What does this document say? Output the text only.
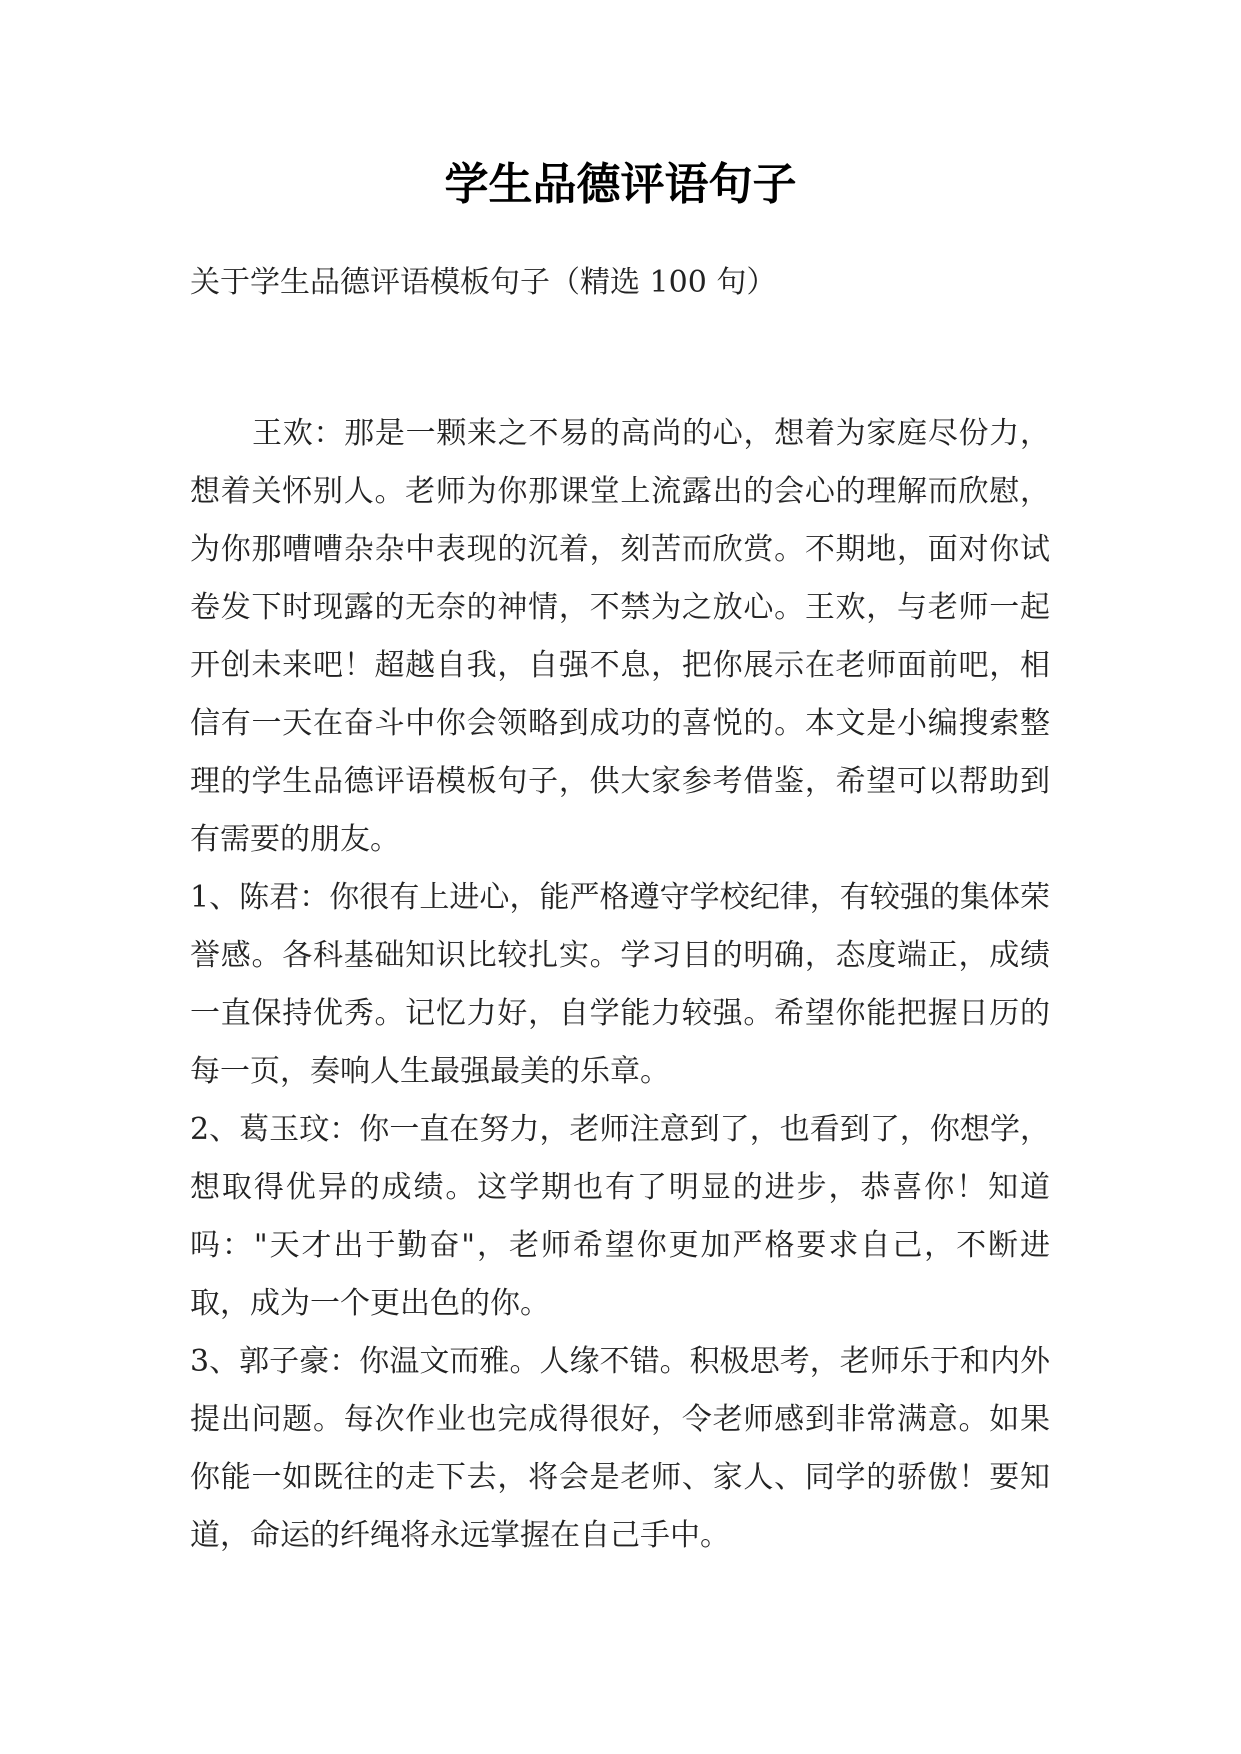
学生品德评语句子

关于学生品德评语模板句子（精选 100 句）

王欢：那是一颗来之不易的高尚的心，想着为家庭尽份力，想着关怀别人。老师为你那课堂上流露出的会心的理解而欣慰，为你那嘈嘈杂杂中表现的沉着，刻苦而欣赏。不期地，面对你试卷发下时现露的无奈的神情，不禁为之放心。王欢，与老师一起开创未来吧！超越自我，自强不息，把你展示在老师面前吧，相信有一天在奋斗中你会领略到成功的喜悦的。本文是小编搜索整理的学生品德评语模板句子，供大家参考借鉴，希望可以帮助到有需要的朋友。

1、陈君：你很有上进心，能严格遵守学校纪律，有较强的集体荣誉感。各科基础知识比较扎实。学习目的明确，态度端正，成绩一直保持优秀。记忆力好，自学能力较强。希望你能把握日历的每一页，奏响人生最强最美的乐章。

2、葛玉玟：你一直在努力，老师注意到了，也看到了，你想学，想取得优异的成绩。这学期也有了明显的进步，恭喜你！知道吗："天才出于勤奋"，老师希望你更加严格要求自己，不断进取，成为一个更出色的你。

3、郭子豪：你温文而雅。人缘不错。积极思考，老师乐于和内外提出问题。每次作业也完成得很好，令老师感到非常满意。如果你能一如既往的走下去，将会是老师、家人、同学的骄傲！要知道，命运的纤绳将永远掌握在自己手中。
